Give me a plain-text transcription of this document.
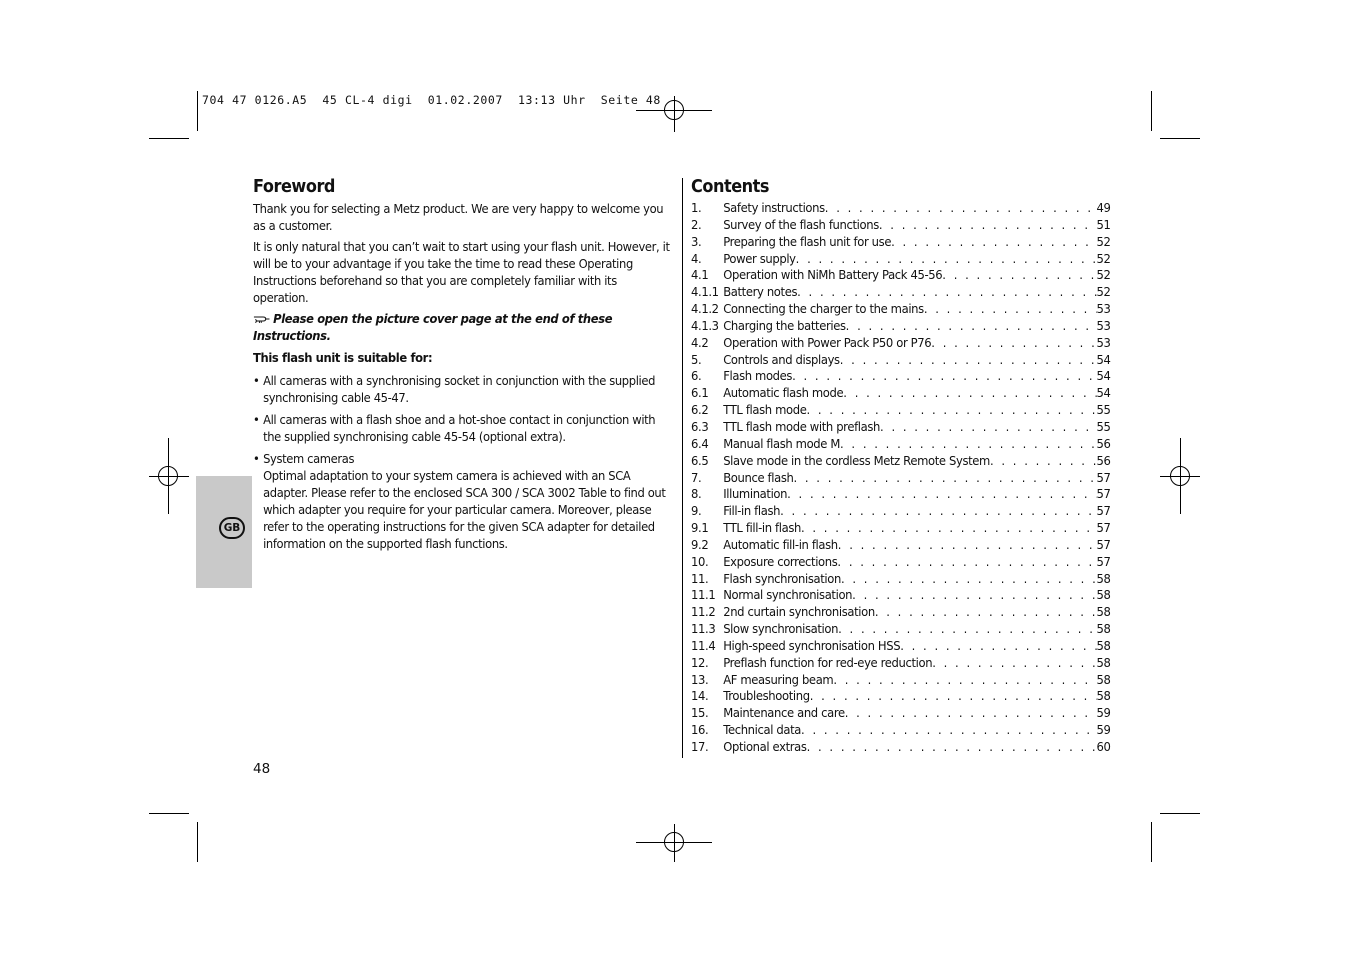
704 47 0126.A5  45 CL-4 digi  01.02.2007  13:13 Uhr  Seite 48
GB
Foreword
Thank you for selecting a Metz product. We are very happy to welcome you as a customer.
It is only natural that you can’t wait to start using your flash unit. However, it will be to your advantage if you take the time to read these Operating Instructions beforehand so that you are completely familiar with its operation.
Please open the picture cover page at the end of these Instructions.
This flash unit is suitable for:
• All cameras with a synchronising socket in conjunction with the supplied synchronising cable 45-47.
• All cameras with a flash shoe and a hot-shoe contact in conjunction with the supplied synchronising cable 45-54 (optional extra).
• System cameras
Optimal adaptation to your system camera is achieved with an SCA adapter. Please refer to the enclosed SCA 300 / SCA 3002 Table to find out which adapter you require for your particular camera. Moreover, please refer to the operating instructions for the given SCA adapter for detailed information on the supported flash functions.
Contents
1.	Safety instructions . . .	49
2.	Survey of the flash functions . . .	51
3.	Preparing the flash unit for use . . .	52
4.	Power supply . . .	52
4.1	Operation with NiMh Battery Pack 45-56 . . .	52
4.1.1 Battery notes . . .	52
4.1.2 Connecting the charger to the mains . . .	53
4.1.3 Charging the batteries . . .	53
4.2	Operation with Power Pack P50 or P76 . . .	53
5.	Controls and displays . . .	54
6.	Flash modes . . .	54
6.1	Automatic flash mode . . .	54
6.2	TTL flash mode . . .	55
6.3	TTL flash mode with preflash . . .	55
6.4	Manual flash mode M . . .	56
6.5	Slave mode in the cordless Metz Remote System . . .	56
7.	Bounce flash . . .	57
8.	Illumination . . .	57
9.	Fill-in flash . . .	57
9.1	TTL fill-in flash . . .	57
9.2	Automatic fill-in flash . . .	57
10.	Exposure corrections . . .	57
11.	Flash synchronisation . . .	58
11.1 Normal synchronisation . . .	58
11.2 2nd curtain synchronisation . . .	58
11.3 Slow synchronisation . . .	58
11.4 High-speed synchronisation HSS . . .	58
12.	Preflash function for red-eye reduction . . .	58
13.	AF measuring beam . . .	58
14.	Troubleshooting . . .	58
15.	Maintenance and care . . .	59
16.	Technical data . . .	59
17.	Optional extras . . .	60
48
